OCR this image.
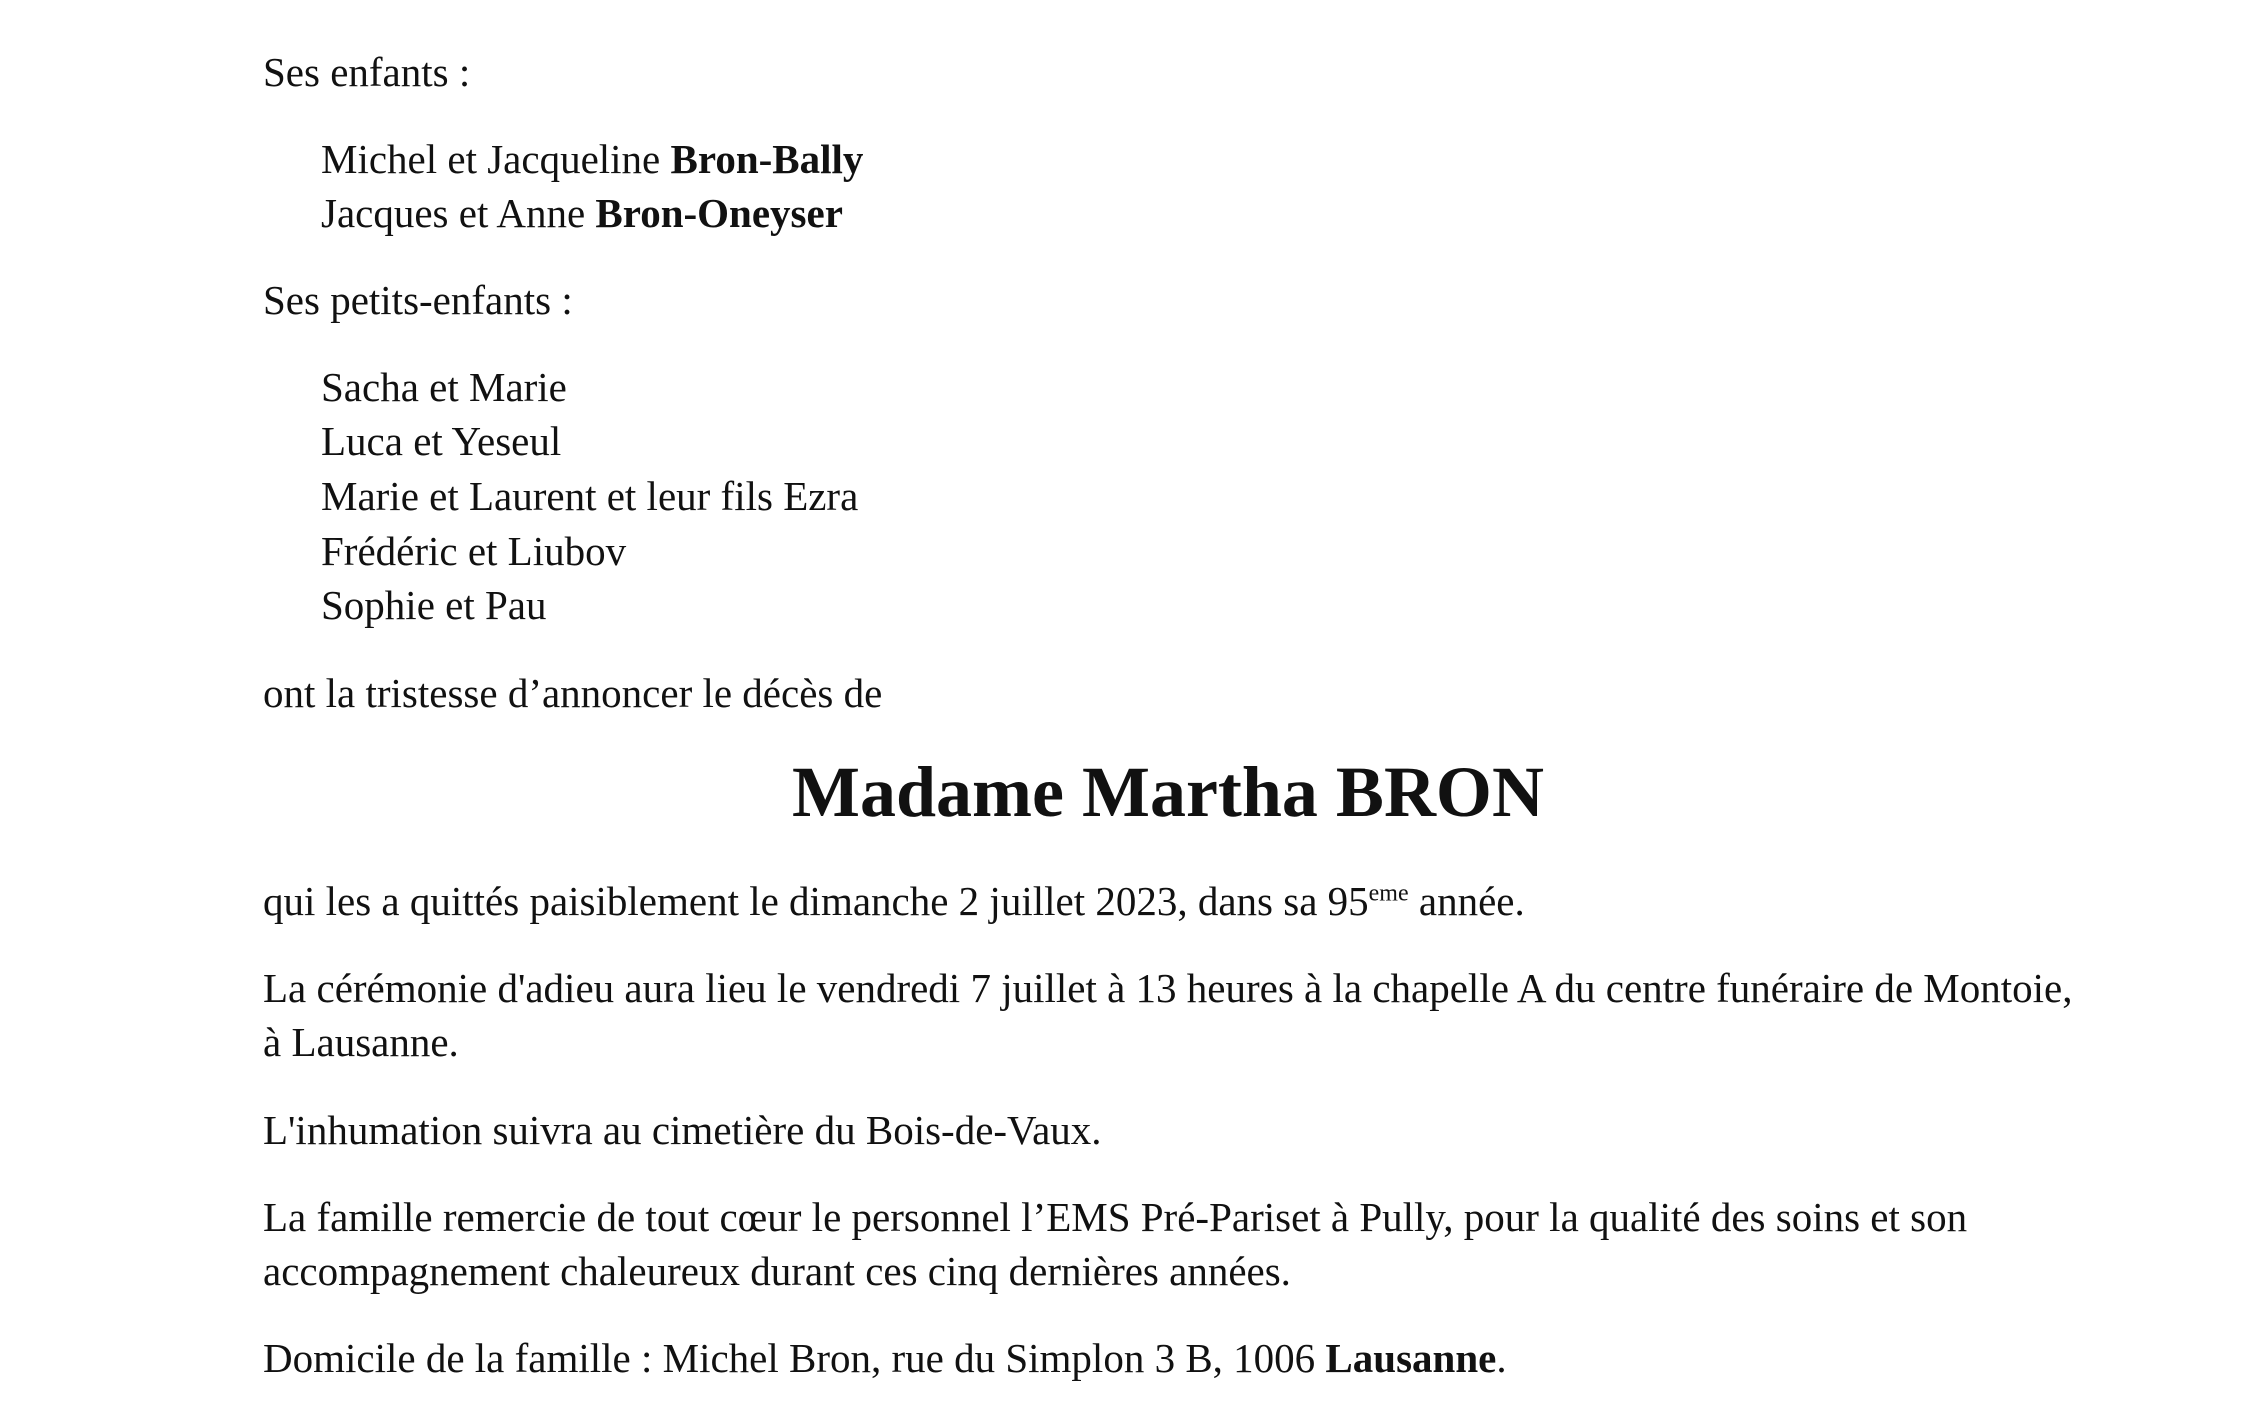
Ses enfants :
Michel et Jacqueline Bron-Bally
Jacques et Anne Bron-Oneyser
Ses petits-enfants :
Sacha et Marie
Luca et Yeseul
Marie et Laurent et leur fils Ezra
Frédéric et Liubov
Sophie et Pau
ont la tristesse d’annoncer le décès de
qui les a quittés paisiblement le dimanche 2 juillet 2023, dans sa 95eme année.
La cérémonie d'adieu aura lieu le vendredi 7 juillet à 13 heures à la chapelle A du centre funéraire de Montoie, à Lausanne.
L'inhumation suivra au cimetière du Bois-de-Vaux.
La famille remercie de tout cœur le personnel l’EMS Pré-Pariset à Pully, pour la qualité des soins et son accompagnement chaleureux durant ces cinq dernières années.
Domicile de la famille : Michel Bron, rue du Simplon 3 B, 1006 Lausanne.
Madame Martha BRON
